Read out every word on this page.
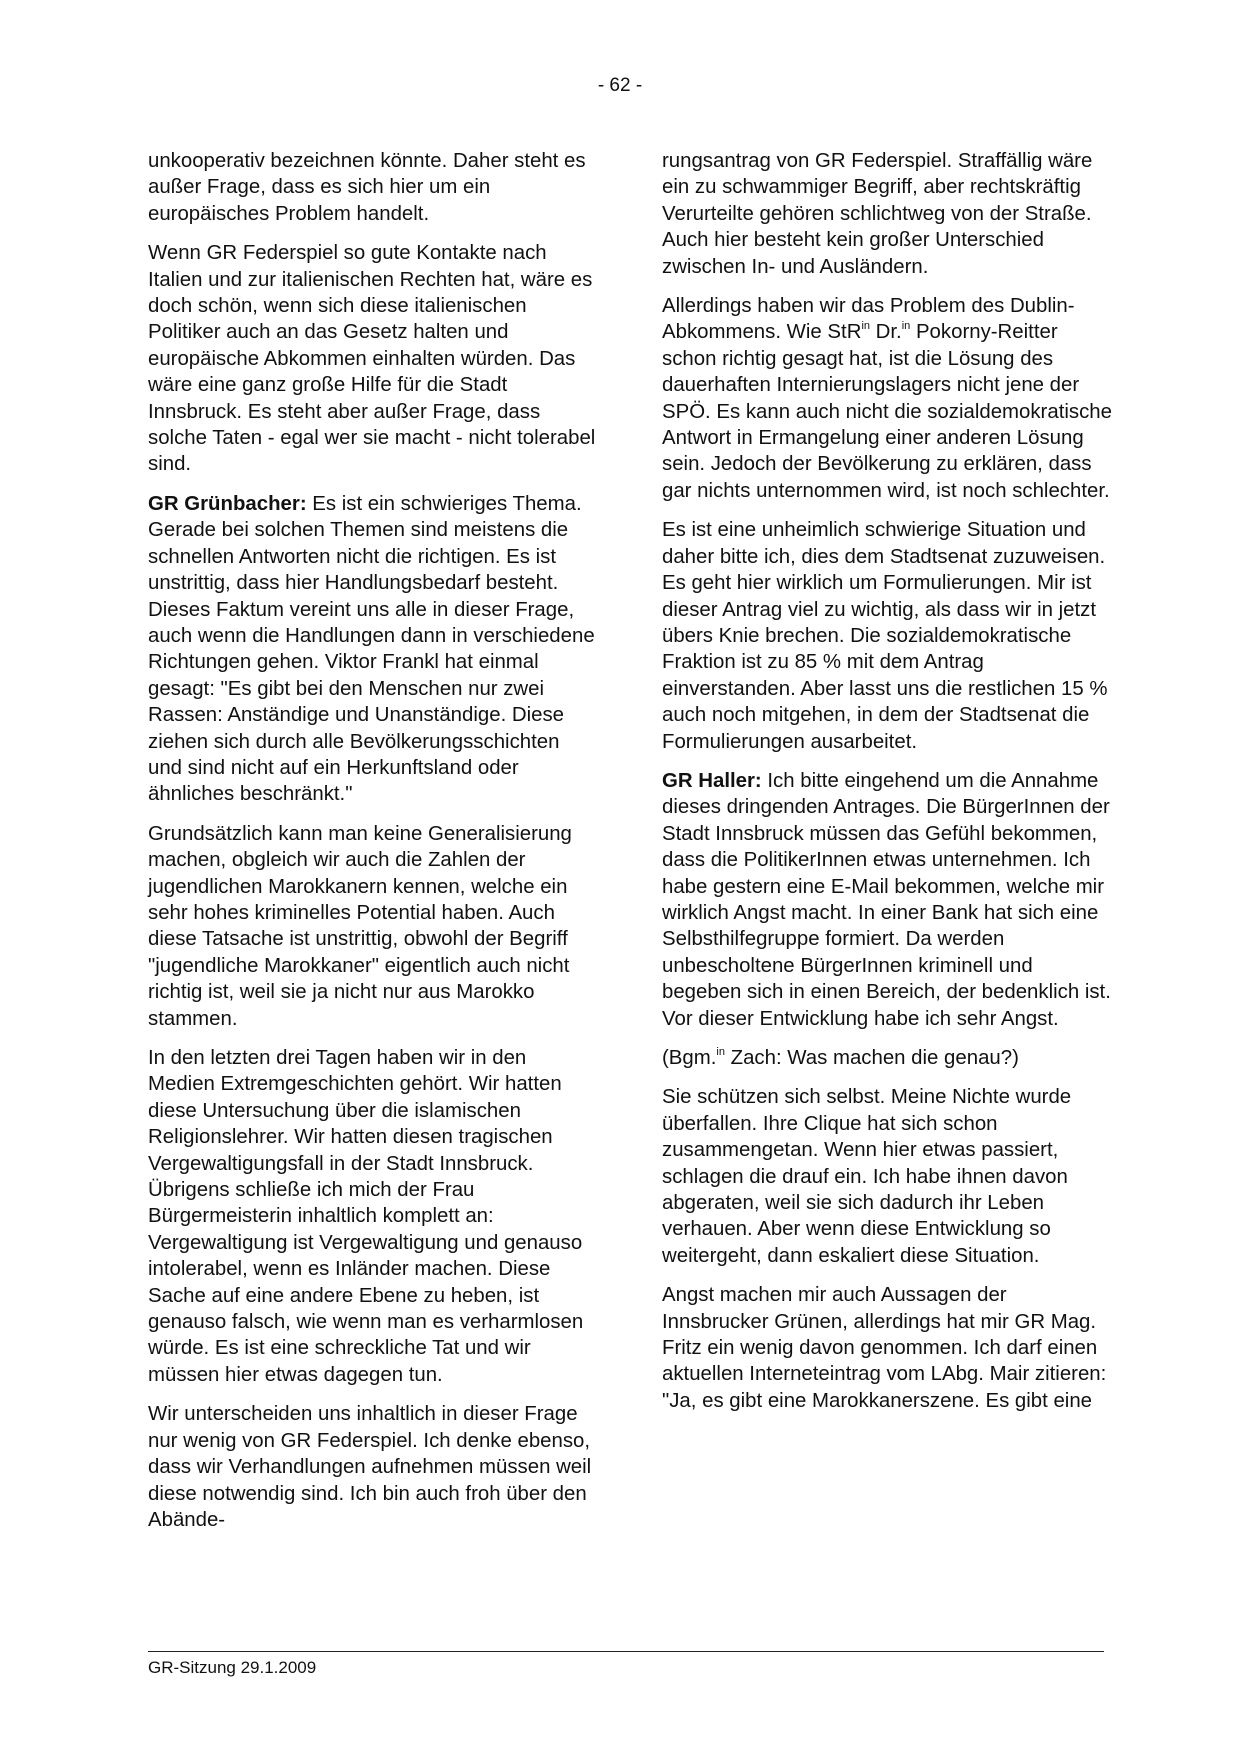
- 62 -

unkooperativ bezeichnen könnte. Daher steht es außer Frage, dass es sich hier um ein europäisches Problem handelt.

Wenn GR Federspiel so gute Kontakte nach Italien und zur italienischen Rechten hat, wäre es doch schön, wenn sich diese italienischen Politiker auch an das Gesetz halten und europäische Abkommen einhalten würden. Das wäre eine ganz große Hilfe für die Stadt Innsbruck. Es steht aber außer Frage, dass solche Taten - egal wer sie macht - nicht tolerabel sind.

GR Grünbacher: Es ist ein schwieriges Thema. Gerade bei solchen Themen sind meistens die schnellen Antworten nicht die richtigen. Es ist unstrittig, dass hier Handlungsbedarf besteht. Dieses Faktum vereint uns alle in dieser Frage, auch wenn die Handlungen dann in verschiedene Richtungen gehen. Viktor Frankl hat einmal gesagt: "Es gibt bei den Menschen nur zwei Rassen: Anständige und Unanständige. Diese ziehen sich durch alle Bevölkerungsschichten und sind nicht auf ein Herkunftsland oder ähnliches beschränkt."

Grundsätzlich kann man keine Generalisierung machen, obgleich wir auch die Zahlen der jugendlichen Marokkanern kennen, welche ein sehr hohes kriminelles Potential haben. Auch diese Tatsache ist unstrittig, obwohl der Begriff "jugendliche Marokkaner" eigentlich auch nicht richtig ist, weil sie ja nicht nur aus Marokko stammen.

In den letzten drei Tagen haben wir in den Medien Extremgeschichten gehört. Wir hatten diese Untersuchung über die islamischen Religionslehrer. Wir hatten diesen tragischen Vergewaltigungsfall in der Stadt Innsbruck. Übrigens schließe ich mich der Frau Bürgermeisterin inhaltlich komplett an: Vergewaltigung ist Vergewaltigung und genauso intolerabel, wenn es Inländer machen. Diese Sache auf eine andere Ebene zu heben, ist genauso falsch, wie wenn man es verharmlosen würde. Es ist eine schreckliche Tat und wir müssen hier etwas dagegen tun.

Wir unterscheiden uns inhaltlich in dieser Frage nur wenig von GR Federspiel. Ich denke ebenso, dass wir Verhandlungen aufnehmen müssen weil diese notwendig sind. Ich bin auch froh über den Abände-

rungsantrag von GR Federspiel. Straffällig wäre ein zu schwammiger Begriff, aber rechtskräftig Verurteilte gehören schlichtweg von der Straße. Auch hier besteht kein großer Unterschied zwischen In- und Ausländern.

Allerdings haben wir das Problem des Dublin-Abkommens. Wie StR$^{in}$ Dr.$^{in}$ Pokorny-Reitter schon richtig gesagt hat, ist die Lösung des dauerhaften Internierungslagers nicht jene der SPÖ. Es kann auch nicht die sozialdemokratische Antwort in Ermangelung einer anderen Lösung sein. Jedoch der Bevölkerung zu erklären, dass gar nichts unternommen wird, ist noch schlechter.

Es ist eine unheimlich schwierige Situation und daher bitte ich, dies dem Stadtsenat zuzuweisen. Es geht hier wirklich um Formulierungen. Mir ist dieser Antrag viel zu wichtig, als dass wir in jetzt übers Knie brechen. Die sozialdemokratische Fraktion ist zu 85 % mit dem Antrag einverstanden. Aber lasst uns die restlichen 15 % auch noch mitgehen, in dem der Stadtsenat die Formulierungen ausarbeitet.

GR Haller: Ich bitte eingehend um die Annahme dieses dringenden Antrages. Die BürgerInnen der Stadt Innsbruck müssen das Gefühl bekommen, dass die PolitikerInnen etwas unternehmen. Ich habe gestern eine E-Mail bekommen, welche mir wirklich Angst macht. In einer Bank hat sich eine Selbsthilfegruppe formiert. Da werden unbescholtene BürgerInnen kriminell und begeben sich in einen Bereich, der bedenklich ist. Vor dieser Entwicklung habe ich sehr Angst.

(Bgm.$^{in}$ Zach: Was machen die genau?)

Sie schützen sich selbst. Meine Nichte wurde überfallen. Ihre Clique hat sich schon zusammengetan. Wenn hier etwas passiert, schlagen die drauf ein. Ich habe ihnen davon abgeraten, weil sie sich dadurch ihr Leben verhauen. Aber wenn diese Entwicklung so weitergeht, dann eskaliert diese Situation.

Angst machen mir auch Aussagen der Innsbrucker Grünen, allerdings hat mir GR Mag. Fritz ein wenig davon genommen. Ich darf einen aktuellen Interneteintrag vom LAbg. Mair zitieren: "Ja, es gibt eine Marokkanerszene. Es gibt eine

GR-Sitzung 29.1.2009
